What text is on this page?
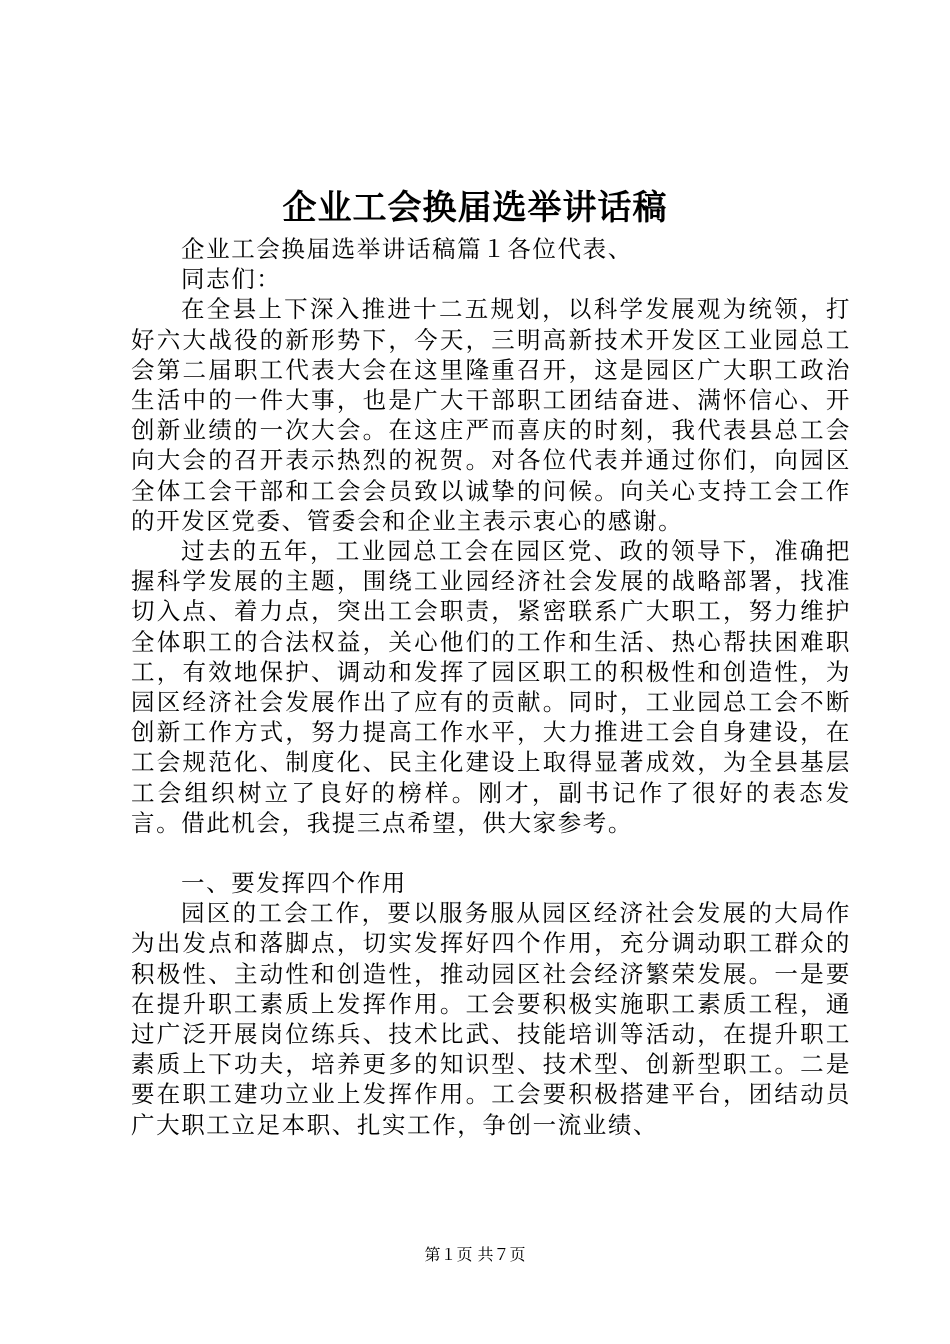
企业工会换届选举讲话稿

企业工会换届选举讲话稿篇１各位代表、

同志们：

在全县上下深入推进十二五规划，以科学发展观为统领，打好六大战役的新形势下，今天，三明高新技术开发区工业园总工会第二届职工代表大会在这里隆重召开，这是园区广大职工政治生活中的一件大事，也是广大干部职工团结奋进、满怀信心、开创新业绩的一次大会。在这庄严而喜庆的时刻，我代表县总工会向大会的召开表示热烈的祝贺。对各位代表并通过你们，向园区全体工会干部和工会会员致以诚挚的问候。向关心支持工会工作的开发区党委、管委会和企业主表示衷心的感谢。

过去的五年，工业园总工会在园区党、政的领导下，准确把握科学发展的主题，围绕工业园经济社会发展的战略部署，找准切入点、着力点，突出工会职责，紧密联系广大职工，努力维护全体职工的合法权益，关心他们的工作和生活、热心帮扶困难职工，有效地保护、调动和发挥了园区职工的积极性和创造性，为园区经济社会发展作出了应有的贡献。同时，工业园总工会不断创新工作方式，努力提高工作水平，大力推进工会自身建设，在工会规范化、制度化、民主化建设上取得显著成效，为全县基层工会组织树立了良好的榜样。刚才，副书记作了很好的表态发言。借此机会，我提三点希望，供大家参考。

一、要发挥四个作用

园区的工会工作，要以服务服从园区经济社会发展的大局作为出发点和落脚点，切实发挥好四个作用，充分调动职工群众的积极性、主动性和创造性，推动园区社会经济繁荣发展。一是要在提升职工素质上发挥作用。工会要积极实施职工素质工程，通过广泛开展岗位练兵、技术比武、技能培训等活动，在提升职工素质上下功夫，培养更多的知识型、技术型、创新型职工。二是要在职工建功立业上发挥作用。工会要积极搭建平台，团结动员广大职工立足本职、扎实工作，争创一流业绩、

第１页 共７页
